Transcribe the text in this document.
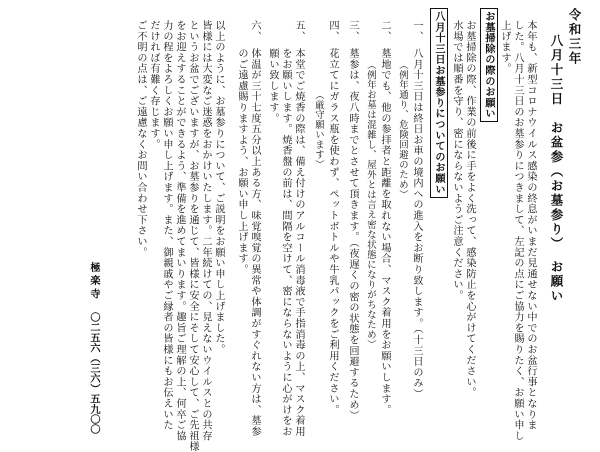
令和三年
八月十三日　お盆参（お墓参り）　お願い
本年も、新型コロナウイルス感染の終息がいまだ見通せない中でのお盆行事となりま
した。八月十三日のお墓参りにつきまして、左記の点にご協力を賜りたく、お願い申し
上げます。
お墓掃除の際のお願い
お墓掃除の際、作業の前後に手をよく洗って、感染防止を心がけてください。
水場では順番を守り、密にならないようご注意ください。
八月十三日お墓参りについてのお願い
一、
八月十三日は終日お車の境内への進入をお断り致します。（十三日のみ）
（例年通り、危険回避のため）
二、
墓地でも、他の参拝者と距離を取れない場合、マスク着用をお願いします。
（例年お墓は混雑し、屋外とは言え密な状態になりがちなため）
三、
墓参は、夜八時までとさせて頂きます。（夜遅くの密の状態を回避するため）
四、
花立てにガラス瓶を使わず、ペットボトルや牛乳パックをご利用ください。
（厳守願います）
五、
本堂でご焼香の際は、備え付けのアルコール消毒液で手指消毒の上、マスク着用
をお願いします。焼香盤の前は、間隔を空けて、密にならないように心がけをお
願い致します。
六、
体温が三十七度五分以上ある方、味覚嗅覚の異常や体調がすぐれない方は、墓参
のご遠慮賜りますよう、お願い申し上げます。
以上のように、お墓参りについて、ご説明をお願い申し上げました。
皆様には大変なご迷惑をおかけいたします。二年続けての、見えないウイルスとの共存
というお盆でございますが、お墓参りを通じて、皆様に安全にそして安心して、ご先祖様
をお迎えすることができるよう、準備を進めてまいります。趣旨ご理解の上、何卒ご協
力の程をよろしくお願い申し上げます。また、御親戚やご縁者の皆様にもお伝えいた
だければ有難く存じます。
ご不明の点は、ご遠慮なくお問い合わせ下さい。
極楽寺
〇二五六（三六）五九〇〇
